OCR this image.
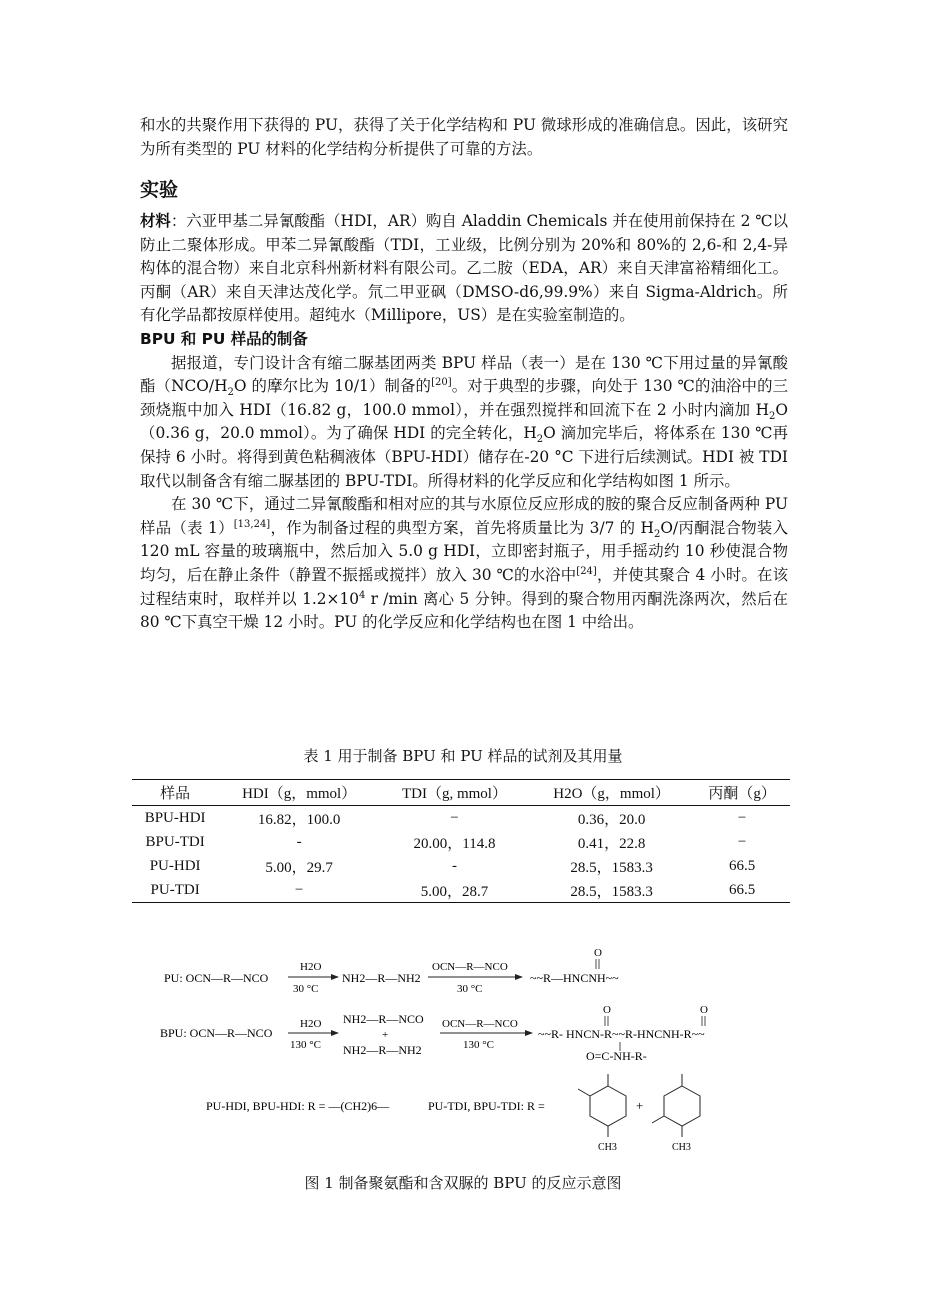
和水的共聚作用下获得的 PU，获得了关于化学结构和 PU 微球形成的准确信息。因此，该研究为所有类型的 PU 材料的化学结构分析提供了可靠的方法。

实验

材料：六亚甲基二异氰酸酯（HDI，AR）购自 Aladdin Chemicals 并在使用前保持在 2 ℃以防止二聚体形成。甲苯二异氰酸酯（TDI，工业级，比例分别为 20%和 80%的 2,6-和 2,4-异构体的混合物）来自北京科州新材料有限公司。乙二胺（EDA，AR）来自天津富裕精细化工。丙酮（AR）来自天津达茂化学。氘二甲亚砜（DMSO-d6,99.9%）来自 Sigma-Aldrich。所有化学品都按原样使用。超纯水（Millipore，US）是在实验室制造的。

BPU 和 PU 样品的制备

据报道，专门设计含有缩二脲基团两类 BPU 样品（表一）是在 130 ℃下用过量的异氰酸酯（$NCO/H_2O$ 的摩尔比为 10/1）制备的[20]。对于典型的步骤，向处于 130 ℃的油浴中的三颈烧瓶中加入 HDI（16.82 g，100.0 mmol），并在强烈搅拌和回流下在 2 小时内滴加 $H_2O(0.36$ g，20.0 mmol）。为了确保 HDI 的完全转化，$H_2O$ 滴加完毕后，将体系在 130 ℃再保持 6 小时。将得到黄色粘稠液体（BPU-HDI）储存在-20 °C 下进行后续测试。HDI 被 TDI 取代以制备含有缩二脲基团的 BPU-TDI。所得材料的化学反应和化学结构如图 1 所示。

在 30 ℃下，通过二异氰酸酯和相对应的其与水原位反应形成的胺的聚合反应制备两种 PU 样品（表 1）[13,24]，作为制备过程的典型方案，首先将质量比为 3/7 的 $H_2O/$丙酮混合物装入 120 mL 容量的玻璃瓶中，然后加入 5.0 g HDI，立即密封瓶子，用手摇动约 10 秒使混合物均匀，后在静止条件（静置不振摇或搅拌）放入 30 ℃的水浴中[24]，并使其聚合 4 小时。在该过程结束时，取样并以 $1.2\times 10^4$ r /min 离心 5 分钟。得到的聚合物用丙酮洗涤两次，然后在 80 ℃下真空干燥 12 小时。PU 的化学反应和化学结构也在图 1 中给出。

表 1 用于制备 BPU 和 PU 样品的试剂及其用量
样品	HDI（g，mmol）	TDI（g, mmol）	H2O（g，mmol）	丙酮（g）
BPU-HDI	16.82，100.0	−	0.36，20.0	−
BPU-TDI	-	20.00，114.8	0.41，22.8	−
PU-HDI	5.00，29.7	-	28.5，1583.3	66.5
PU-TDI	−	5.00，28.7	28.5，1583.3	66.5
PU: OCN—R—NCO
H2O
30 °C
NH2—R—NH2
OCN—R—NCO
30 °C
O
~~R—HNCNH~~
BPU: OCN—R—NCO
H2O
130 °C
NH2—R—NCO
+
NH2—R—NH2
OCN—R—NCO
130 °C
O	O
~~R- HNCN-R~~R-HNCNH-R~~
O=C-NH-R-
PU-HDI, BPU-HDI: R = —(CH2)6—	PU-TDI, BPU-TDI: R =
CH3
+
CH3
图 1 制备聚氨酯和含双脲的 BPU 的反应示意图
